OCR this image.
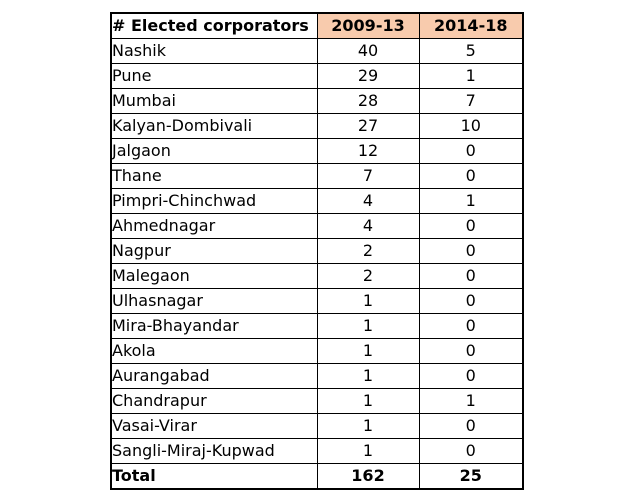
# Elected corporators	2009-13	2014-18
Nashik	40	5
Pune	29	1
Mumbai	28	7
Kalyan-Dombivali	27	10
Jalgaon	12	0
Thane	7	0
Pimpri-Chinchwad	4	1
Ahmednagar	4	0
Nagpur	2	0
Malegaon	2	0
Ulhasnagar	1	0
Mira-Bhayandar	1	0
Akola	1	0
Aurangabad	1	0
Chandrapur	1	1
Vasai-Virar	1	0
Sangli-Miraj-Kupwad	1	0
Total	162	25
